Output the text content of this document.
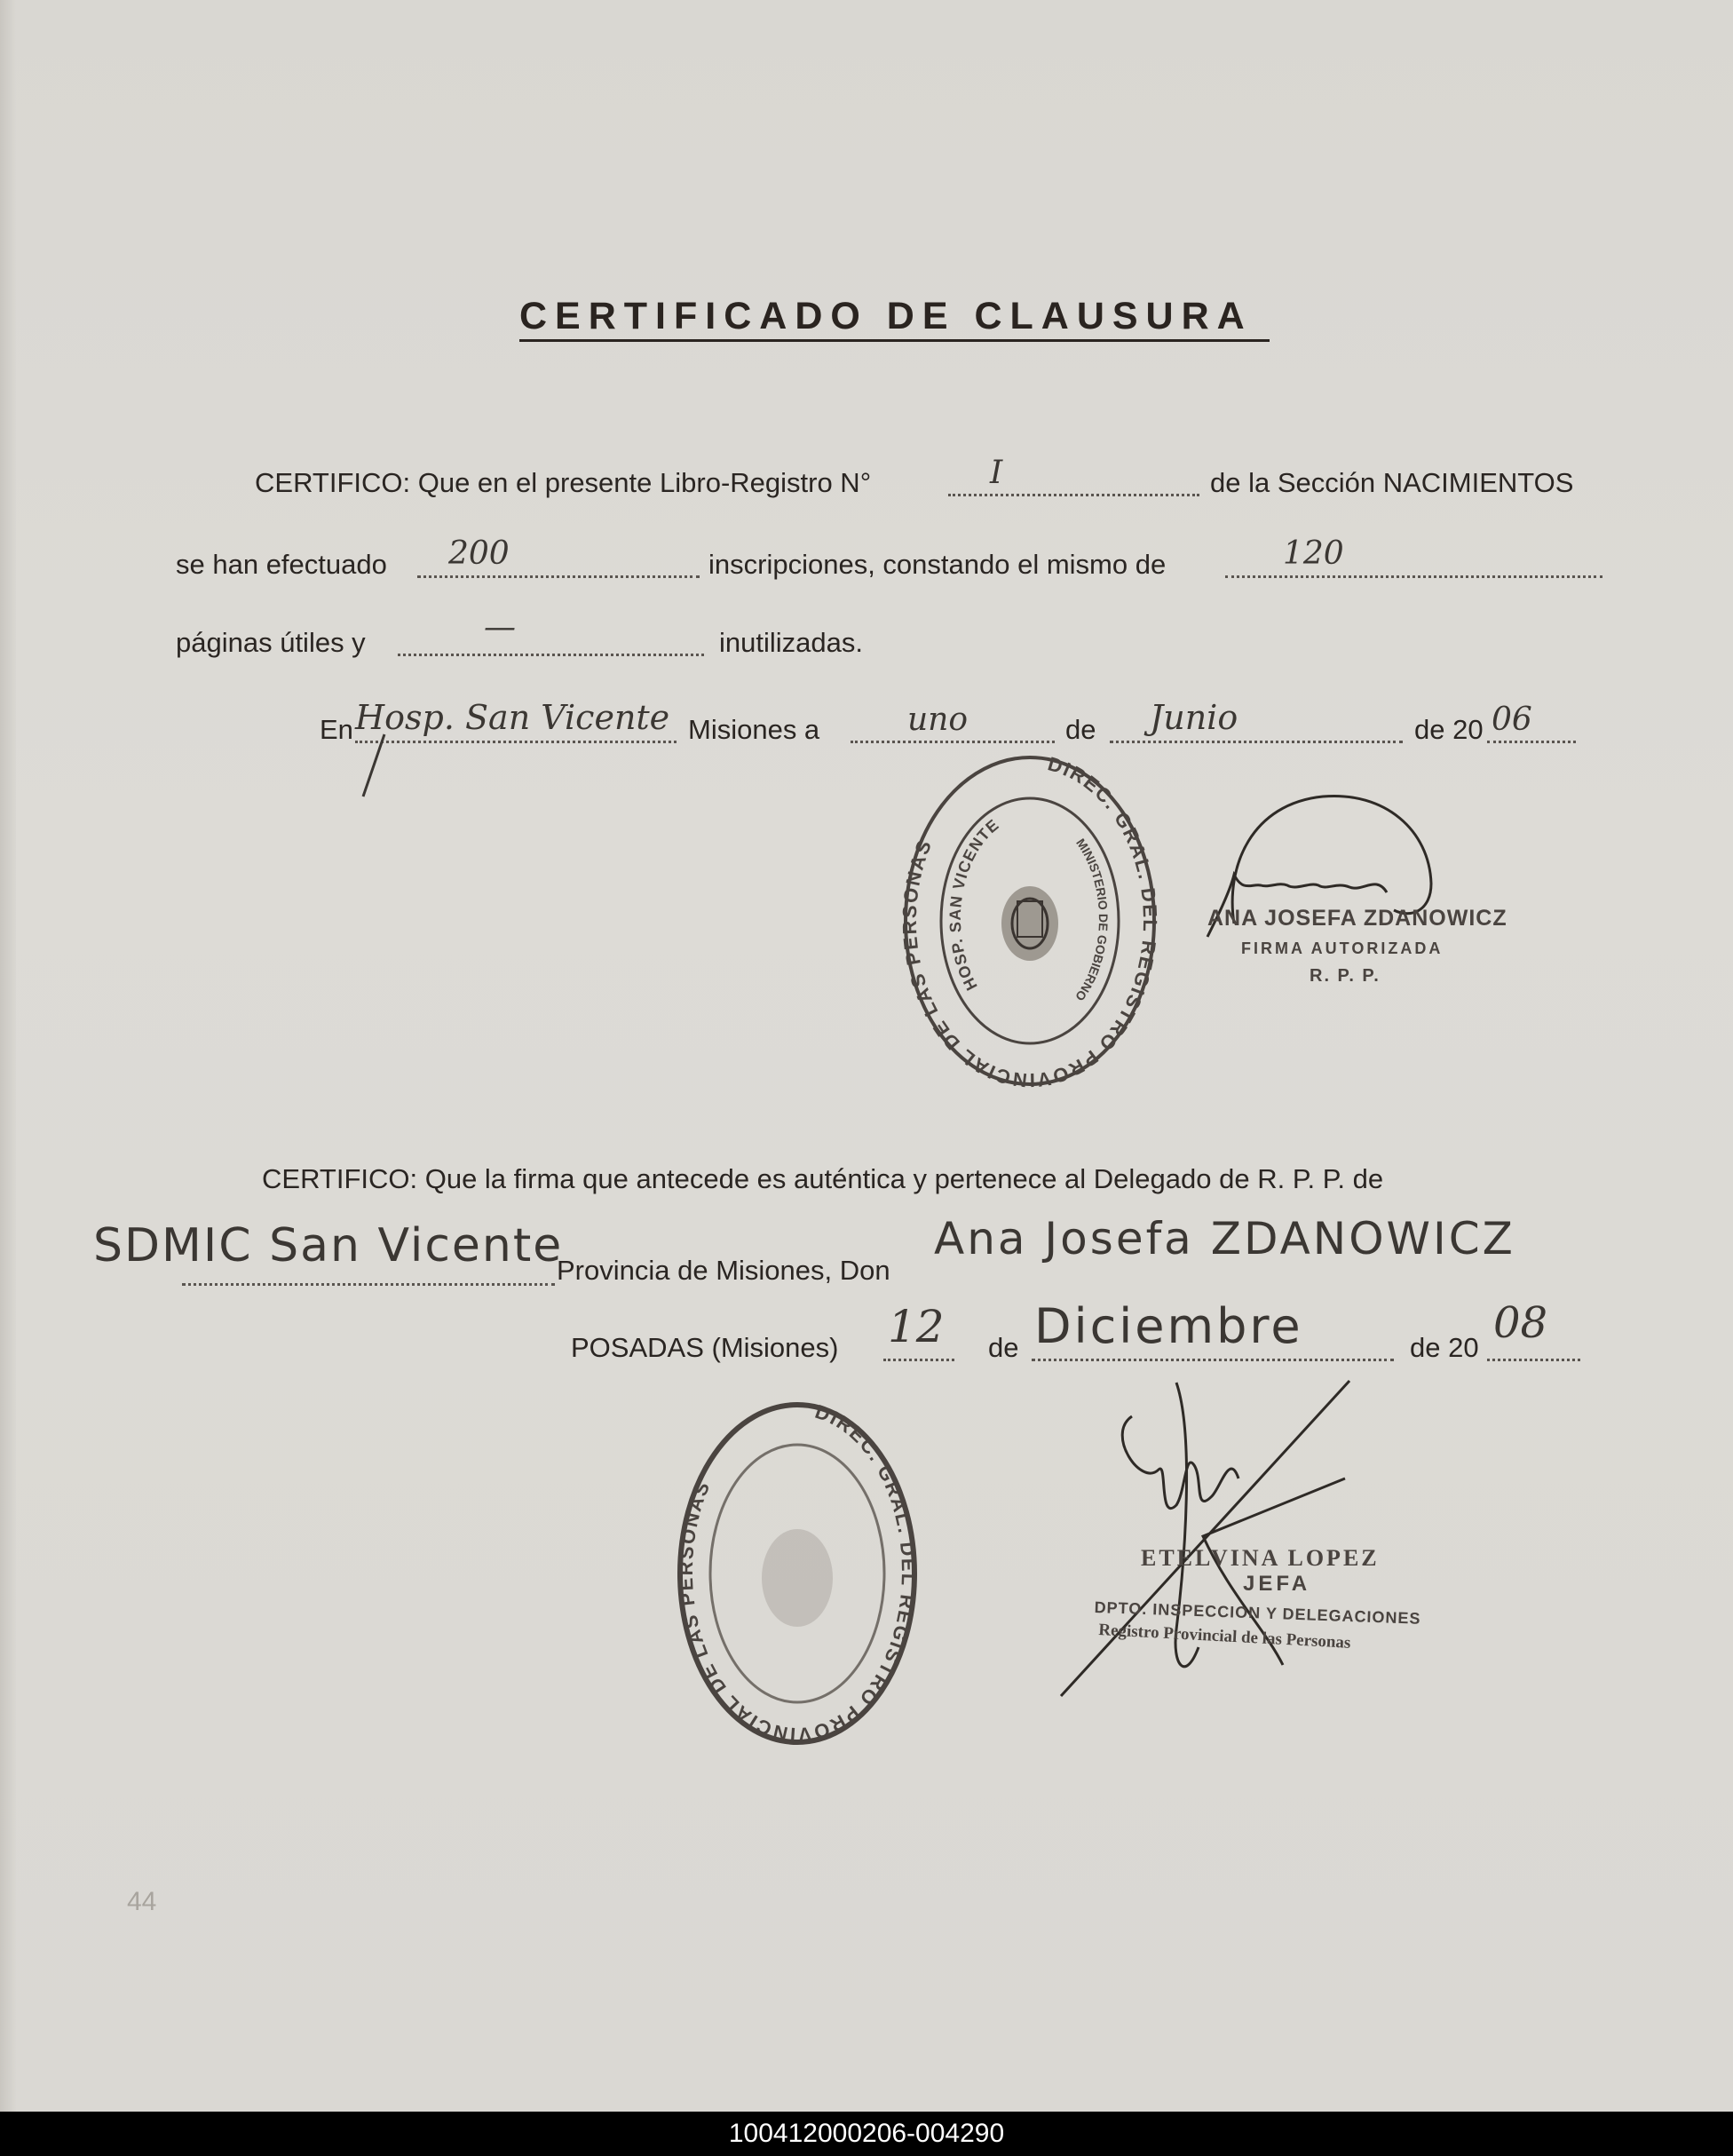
CERTIFICADO DE CLAUSURA
CERTIFICO: Que en el presente Libro-Registro N°	I	de la Sección NACIMIENTOS
se han efectuado 200	inscripciones, constando el mismo de	120
páginas útiles y	—	inutilizadas.
En Hosp. San Vicente Misiones a	uno	de Junio	de 20 06
DIREC. GRAL. DEL REGISTRO PROVINCIAL DE LAS PERSONAS
HOSP. SAN VICENTE
MINISTERIO DE GOBIERNO
ANA JOSEFA ZDANOWICZ
FIRMA AUTORIZADA
R. P. P.
CERTIFICO: Que la firma que antecede es auténtica y pertenece al Delegado de R. P. P. de
SDMIC San Vicente
Provincia de Misiones, Don
Ana Josefa ZDANOWICZ
POSADAS (Misiones) 12 de Diciembre	de 20 08
DIREC. GRAL. DEL REGISTRO PROVINCIAL DE LAS PERSONAS
ETELVINA LOPEZ
JEFA
DPTO. INSPECCION Y DELEGACIONES
Registro Provincial de las Personas
44
100412000206-004290
